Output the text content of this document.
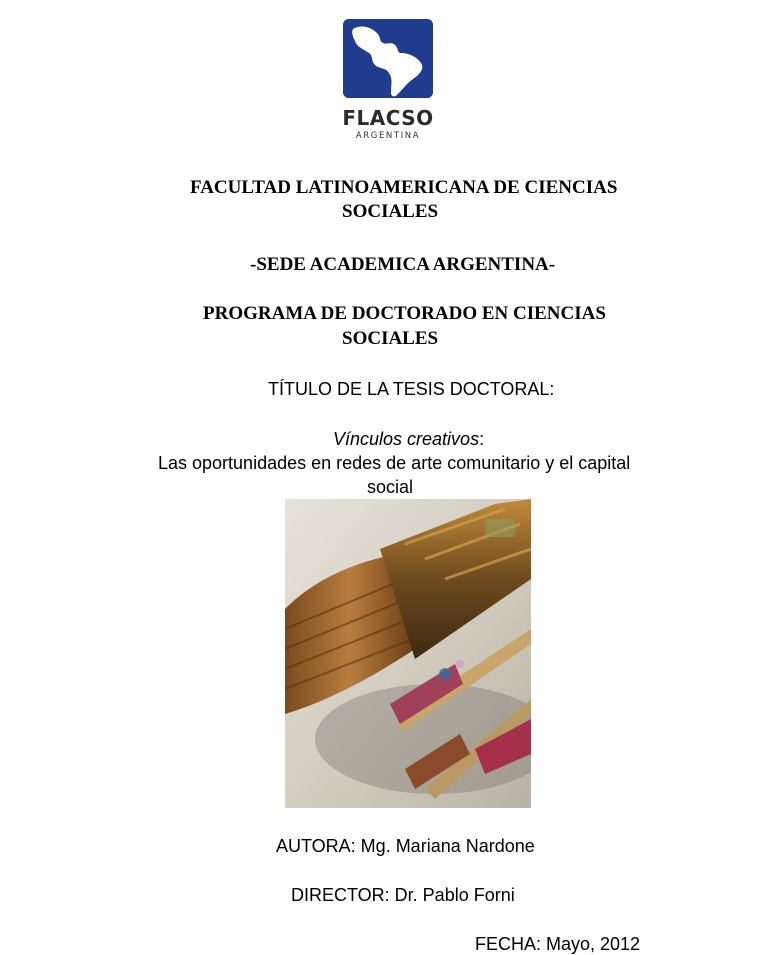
FLACSO
ARGENTINA
FACULTAD LATINOAMERICANA DE CIENCIAS
SOCIALES
-SEDE ACADEMICA ARGENTINA-
PROGRAMA DE DOCTORADO EN CIENCIAS
SOCIALES
TÍTULO DE LA TESIS DOCTORAL:
Vínculos creativos:
Las oportunidades en redes de arte comunitario y el capital
social
AUTORA: Mg. Mariana Nardone
DIRECTOR: Dr. Pablo Forni
FECHA: Mayo, 2012
